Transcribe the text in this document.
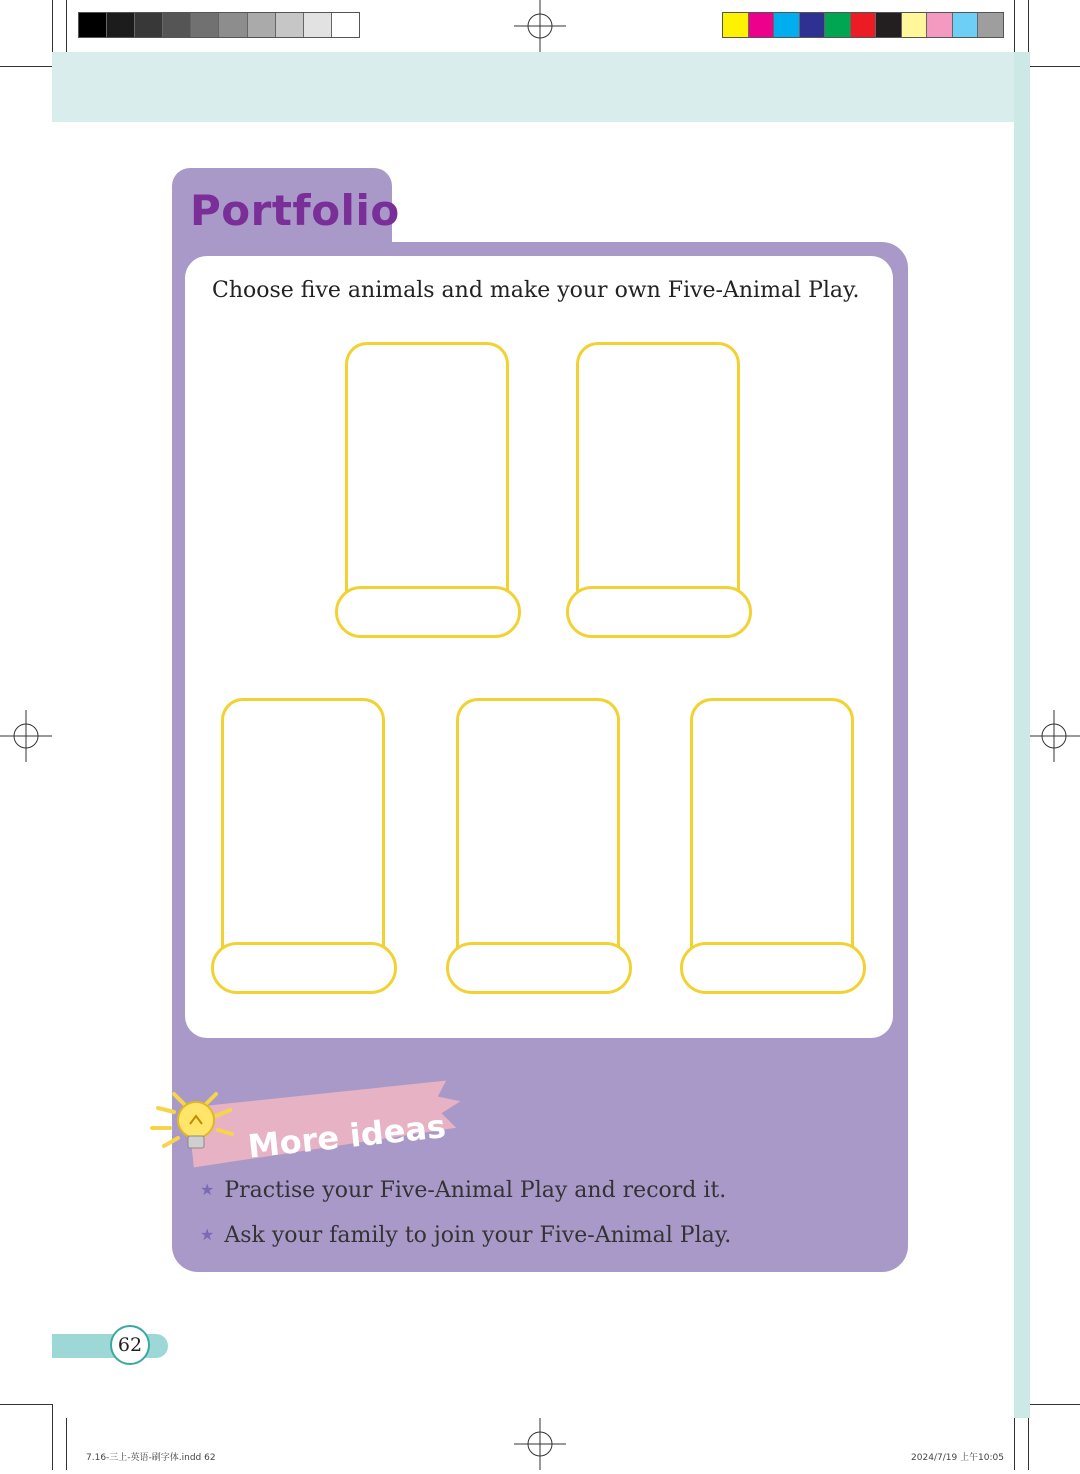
Portfolio
Choose five animals and make your own Five-Animal Play.
More ideas
★ Practise your Five-Animal Play and record it.
★ Ask your family to join your Five-Animal Play.
62
7.16-三上-英语-刷字体.indd 62	2024/7/19 上午10:05
